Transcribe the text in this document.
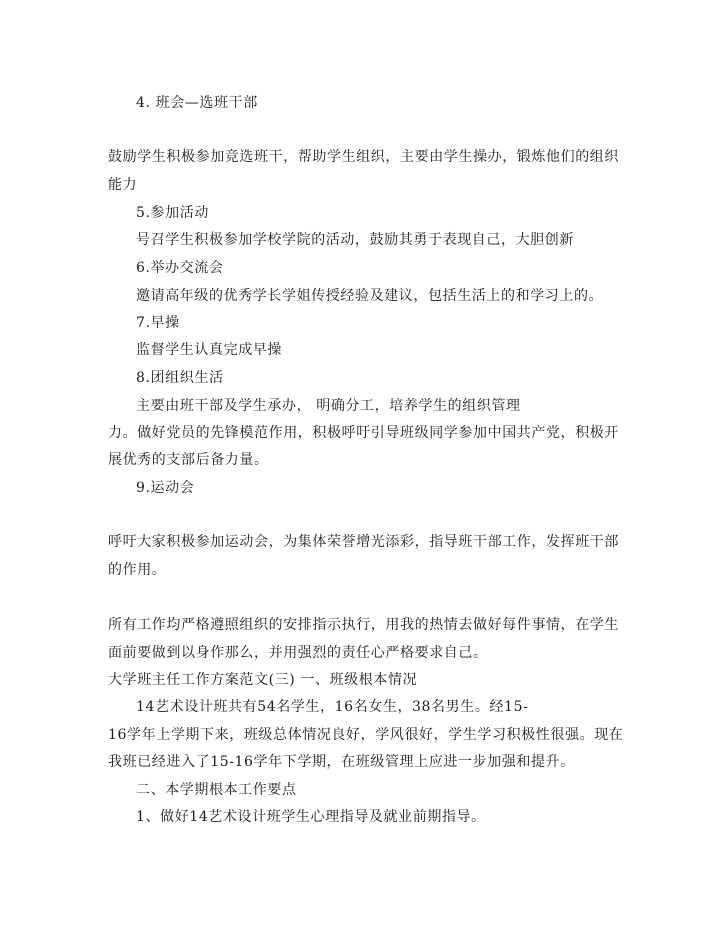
4. 班会—选班干部
鼓励学生积极参加竞选班干，帮助学生组织，主要由学生操办，锻炼他们的组织
能力
5.参加活动
号召学生积极参加学校学院的活动，鼓励其勇于表现自己，大胆创新
6.举办交流会
邀请高年级的优秀学长学姐传授经验及建议，包括生活上的和学习上的。
7.早操
监督学生认真完成早操
8.团组织生活
主要由班干部及学生承办， 明确分工，培养学生的组织管理
力。做好党员的先锋模范作用，积极呼吁引导班级同学参加中国共产党，积极开
展优秀的支部后备力量。
9.运动会
呼吁大家积极参加运动会，为集体荣誉增光添彩，指导班干部工作，发挥班干部
的作用。
所有工作均严格遵照组织的安排指示执行，用我的热情去做好每件事情，在学生
面前要做到以身作那么，并用强烈的责任心严格要求自己。
大学班主任工作方案范文(三) 一、班级根本情况
14艺术设计班共有54名学生，16名女生，38名男生。经15-
16学年上学期下来，班级总体情况良好，学风很好，学生学习积极性很强。现在
我班已经进入了15-16学年下学期，在班级管理上应进一步加强和提升。
二、本学期根本工作要点
1、做好14艺术设计班学生心理指导及就业前期指导。
